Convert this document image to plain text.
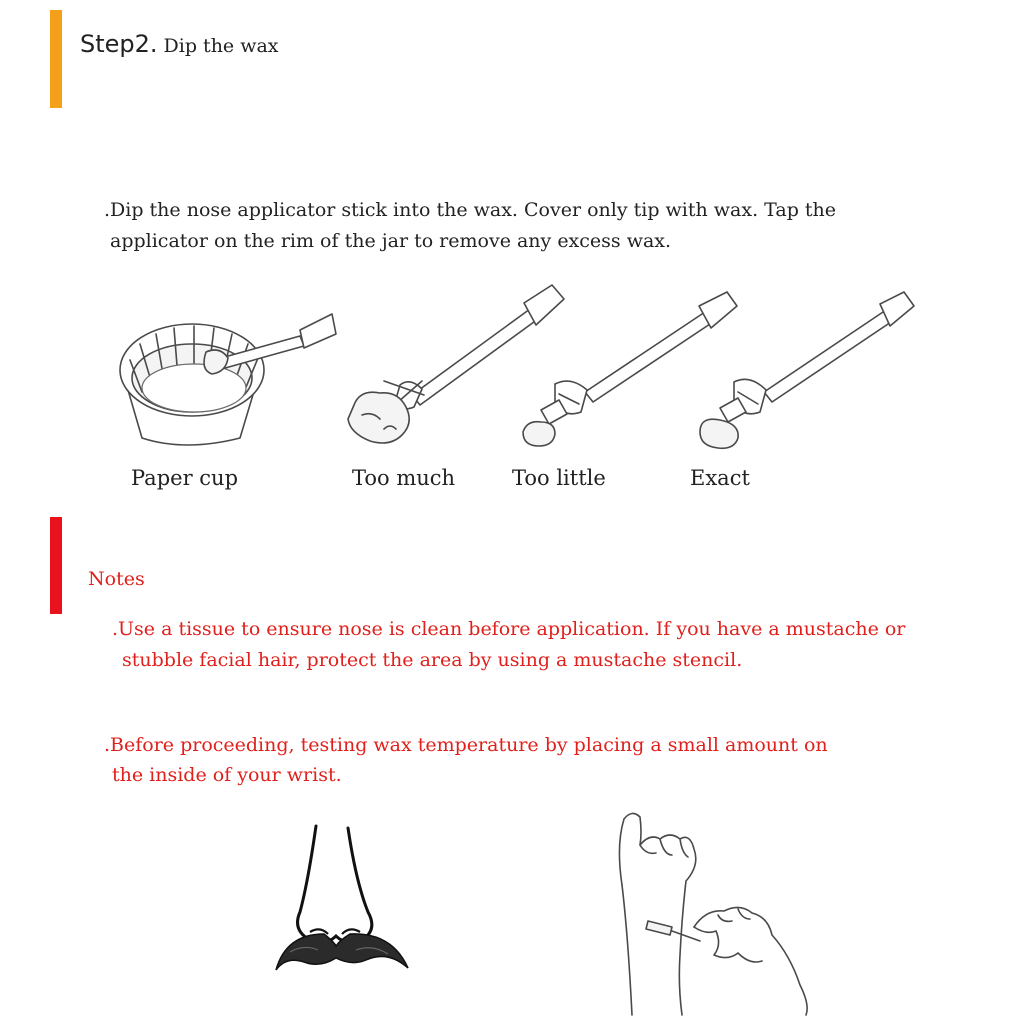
Step2. Dip the wax
.Dip the nose applicator stick into the wax. Cover only tip with wax. Tap the
applicator on the rim of the jar to remove any excess wax.
Paper cup	Too much	Too little	Exact
Notes
.Use a tissue to ensure nose is clean before application. If you have a mustache or
stubble facial hair, protect the area by using a mustache stencil.
.Before proceeding, testing wax temperature by placing a small amount on
the inside of your wrist.
